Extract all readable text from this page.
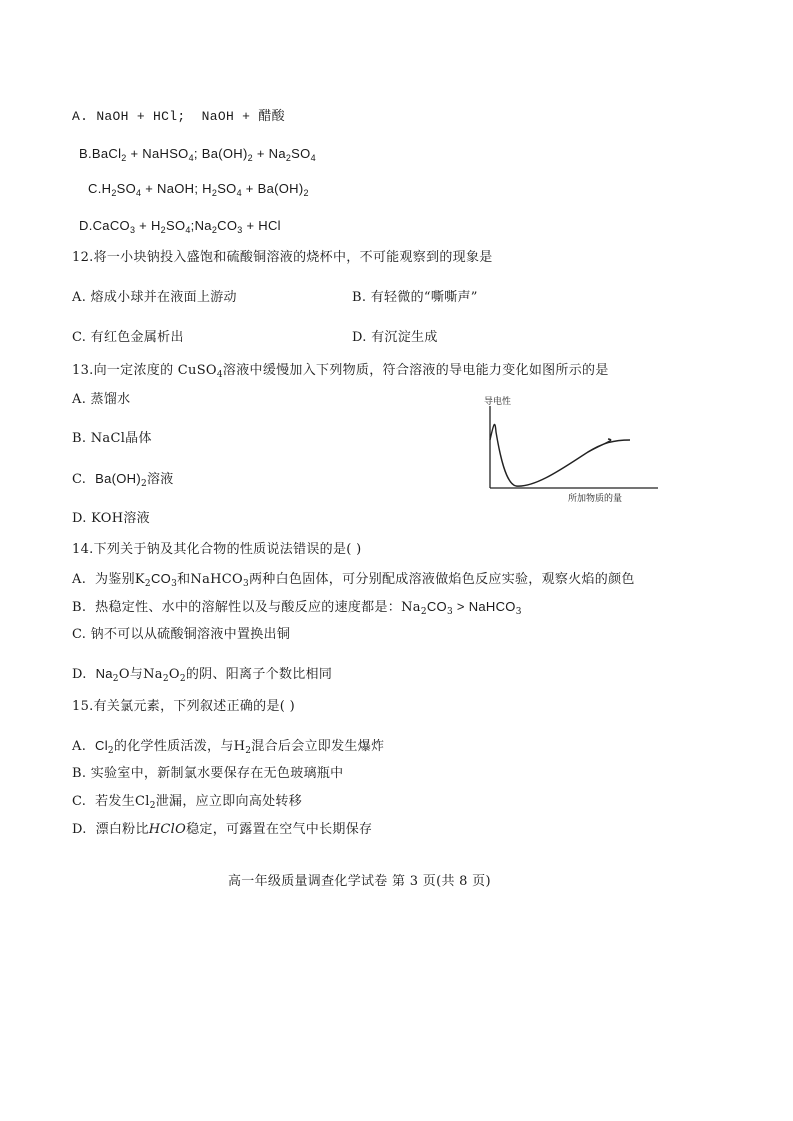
A. NaOH + HCl; NaOH + 醋酸
B.BaCl$_2$ + NaHSO$_4$; $Ba(OH)_2 + Na_2SO_4$
$C.H_2SO_4$ + NaOH; $H_2SO_4 + Ba(OH)_2$
D.CaCO$_3$ + $H_2SO_4;Na_2CO_3$ + HCl
12.将一小块钠投入盛饱和硫酸铜溶液的烧杯中，不可能观察到的现象是
A. 熔成小球并在液面上游动	B. 有轻微的“嘶嘶声”
C. 有红色金属析出	D. 有沉淀生成
13.向一定浓度的 CuSO$_4$溶液中缓慢加入下列物质，符合溶液的导电能力变化如图所示的是
A. 蒸馏水
B. NaCl晶体
C. $Ba(OH)_2$溶液
D. KOH溶液
导电性
所加物质的量
14.下列关于钠及其化合物的性质说法错误的是( )
A. 为鉴别$K_2CO_3$和NaHCO$_3$两种白色固体，可分别配成溶液做焰色反应实验，观察火焰的颜色
B. 热稳定性、水中的溶解性以及与酸反应的速度都是：$Na_2CO_3$ > NaHCO$_3$
C. 钠不可以从硫酸铜溶液中置换出铜
D. $Na_2O$与$Na_2O_2$的阴、阳离子个数比相同
15.有关氯元素，下列叙述正确的是( )
A. $Cl_2$的化学性质活泼，与$H_2$混合后会立即发生爆炸
B. 实验室中，新制氯水要保存在无色玻璃瓶中
C. 若发生$Cl_2$泄漏，应立即向高处转移
D. 漂白粉比HClO稳定，可露置在空气中长期保存
高一年级质量调查化学试卷 第 3 页(共 8 页)
